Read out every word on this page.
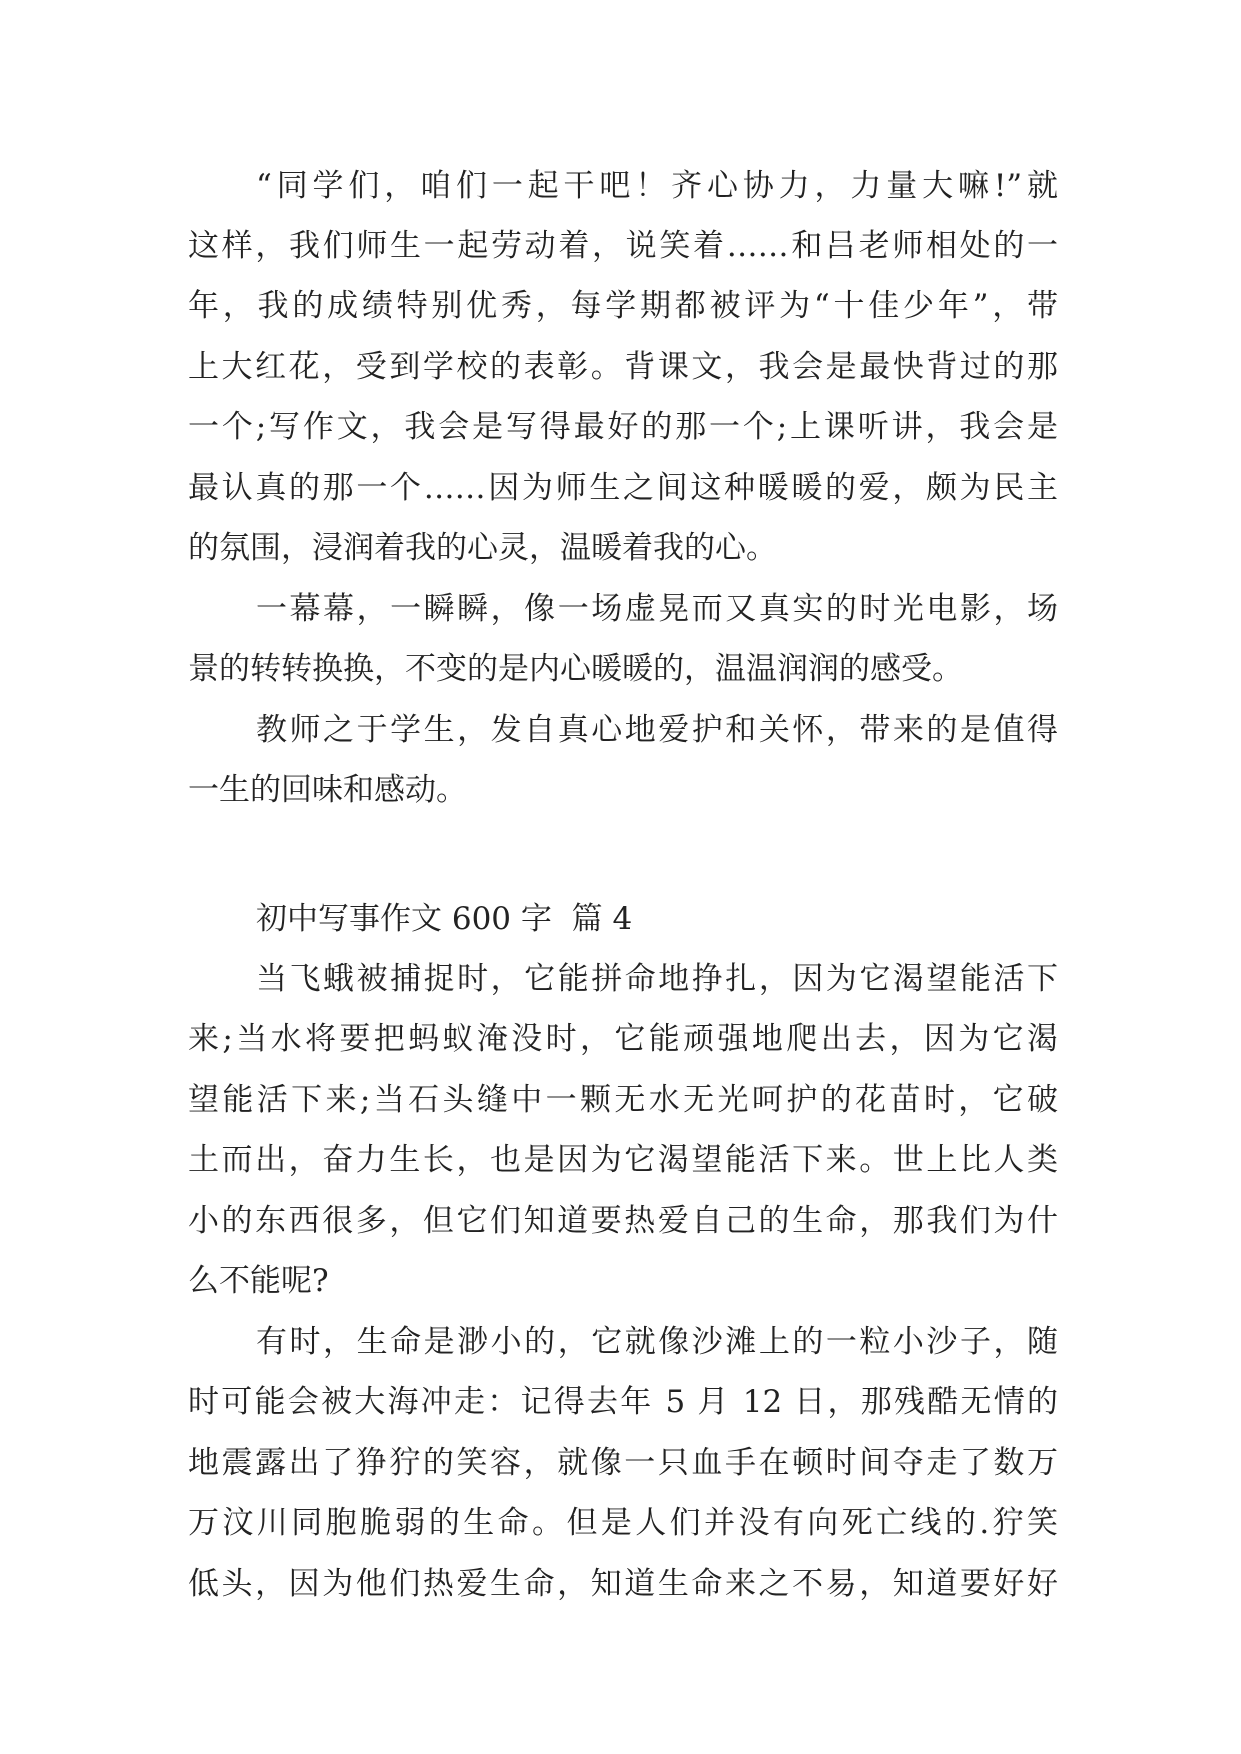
“同学们，咱们一起干吧！齐心协力，力量大嘛!”就
这样，我们师生一起劳动着，说笑着……和吕老师相处的一
年，我的成绩特别优秀，每学期都被评为“十佳少年”，带
上大红花，受到学校的表彰。背课文，我会是最快背过的那
一个;写作文，我会是写得最好的那一个;上课听讲，我会是
最认真的那一个……因为师生之间这种暖暖的爱，颇为民主
的氛围，浸润着我的心灵，温暖着我的心。
一幕幕，一瞬瞬，像一场虚晃而又真实的时光电影，场
景的转转换换，不变的是内心暖暖的，温温润润的感受。
教师之于学生，发自真心地爱护和关怀，带来的是值得
一生的回味和感动。
初中写事作文 600 字  篇 4
当飞蛾被捕捉时，它能拼命地挣扎，因为它渴望能活下
来;当水将要把蚂蚁淹没时，它能顽强地爬出去，因为它渴
望能活下来;当石头缝中一颗无水无光呵护的花苗时，它破
土而出，奋力生长，也是因为它渴望能活下来。世上比人类
小的东西很多，但它们知道要热爱自己的生命，那我们为什
么不能呢?
有时，生命是渺小的，它就像沙滩上的一粒小沙子，随
时可能会被大海冲走：记得去年 5 月 12 日，那残酷无情的
地震露出了狰狞的笑容，就像一只血手在顿时间夺走了数万
万汶川同胞脆弱的生命。但是人们并没有向死亡线的.狞笑
低头，因为他们热爱生命，知道生命来之不易，知道要好好
